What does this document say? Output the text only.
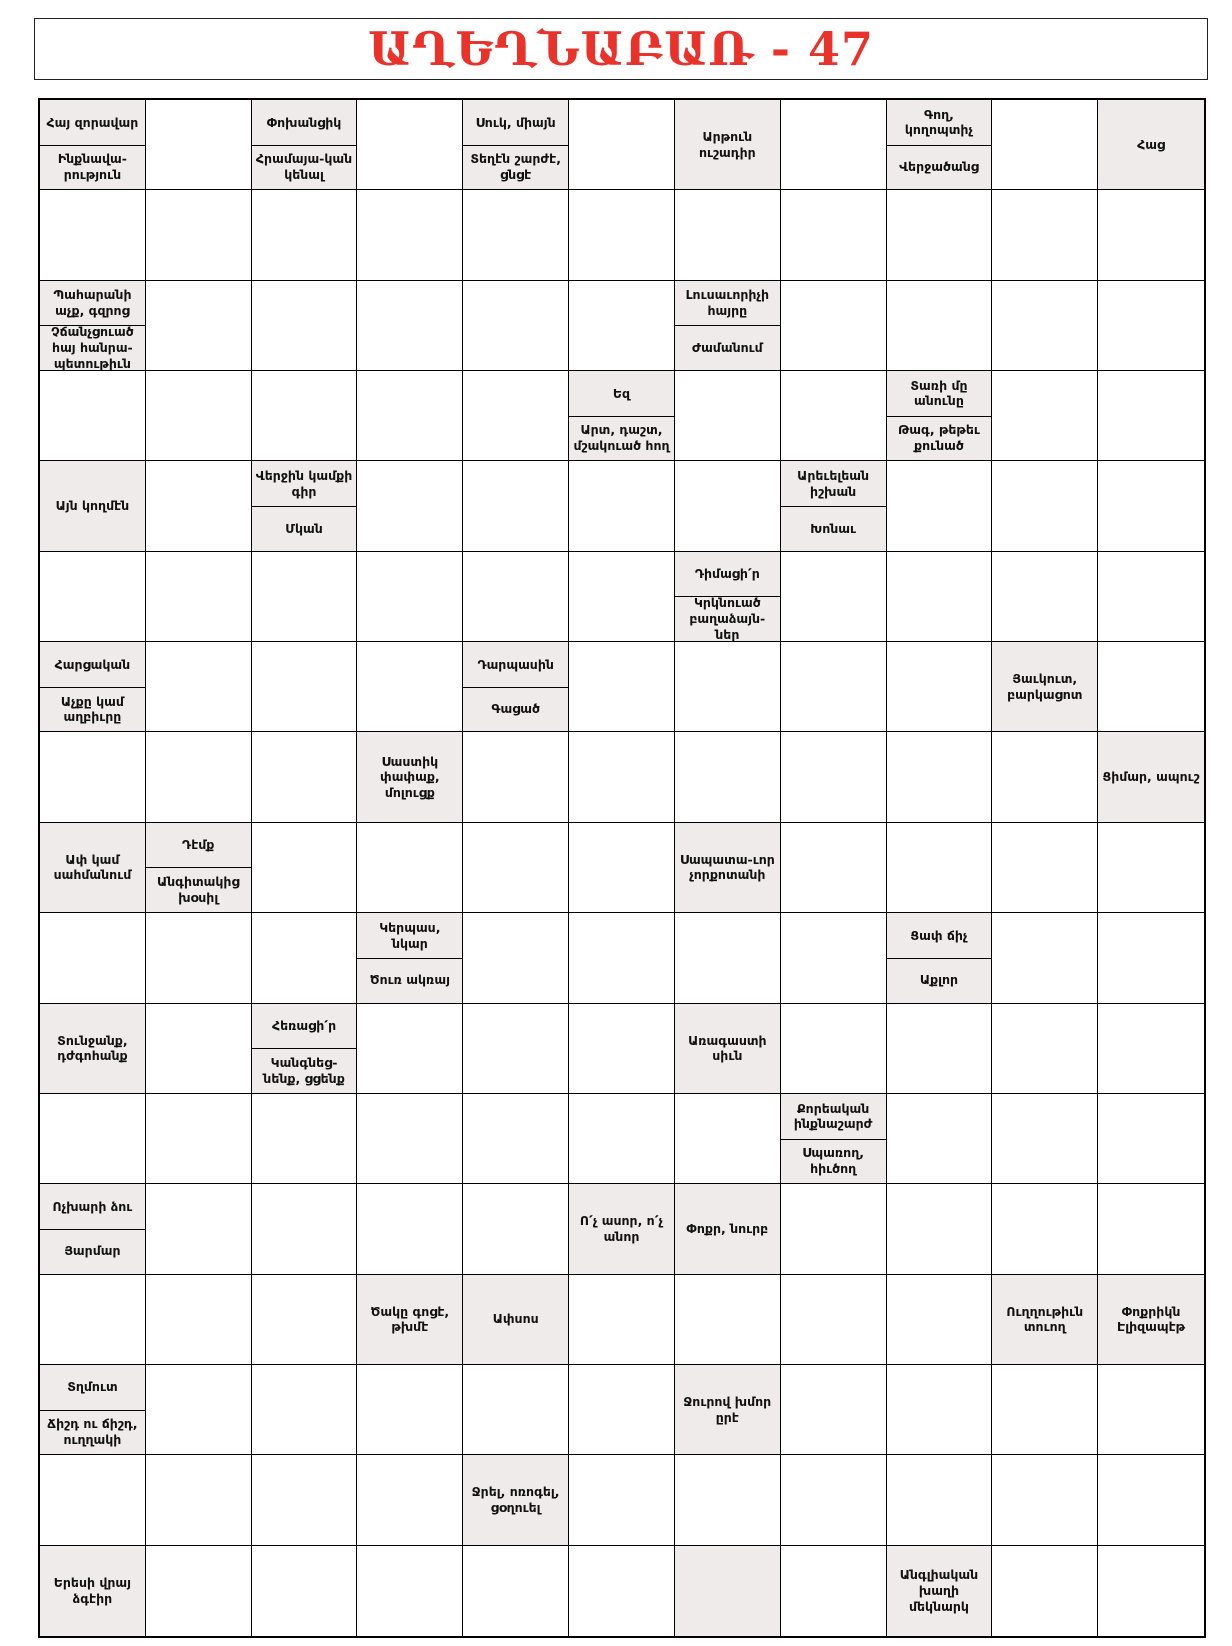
ԱՂԵՂՆԱԲԱՌ - 47
Հայ զորավար
Ինքնավա-րություն
Փոխանցիկ
Հրամայա-կան կենալ
Սուկ, միայն
Տեղէն շարժէ, ցնցէ
Արթուն ուշադիր
Գող, կողոպտիչ
Վերջածանց
Հաց
Պահարանի աչք, գզրոց
Չճանչցուած հայ հանրա-պետութիւն
Լուսաւորիչի հայրը
Ժամանում
Եզ
Արտ, դաշտ, մշակուած հող
Տառի մը անունը
Թագ, թեթեւ քունած
Այն կողմէն
Վերջին կամքի գիր
Մկան
Արեւելեան իշխան
Խոնաւ
Դիմացի՛ր
Կրկնուած բաղաձայն-ներ
Հարցական
Աչքը կամ աղբիւրը
Դարպասին
Գացած
Յաւկուտ, բարկացոտ
Սաստիկ փափաք, մոլուցք
Ցիմար, ապուշ
Ափ կամ սահմանում
Դէմք
Անգիտակից խօսիլ
Սապատա-ւոր չորքոտանի
Կերպաս, նկար
Ծուռ ակռայ
Ցափ ճիչ
Աքլոր
Տունջանք, դժգոհանք
Հեռացի՛ր
Կանգնեց-նենք, ցցենք
Առագաստի սիւն
Քորեական ինքնաշարժ
Սպառող, հիւծող
Ոչխարի ձու
Յարմար
Ո՛չ ասոր, ո՛չ անոր
Փոքր, նուրբ
Ծակը գոցէ, թխմէ
Ափսոս
Ուղղութիւն տուող
Փոքրիկն Էլիզապէթ
Տղմուտ
Ճիշդ ու ճիշդ, ուղղակի
Ջուրով խմոր ըրէ
Ջրել, ոռոգել, ցօղուել
Երեսի վրայ ձգէիր
Անգլիական խաղի մեկնարկ
